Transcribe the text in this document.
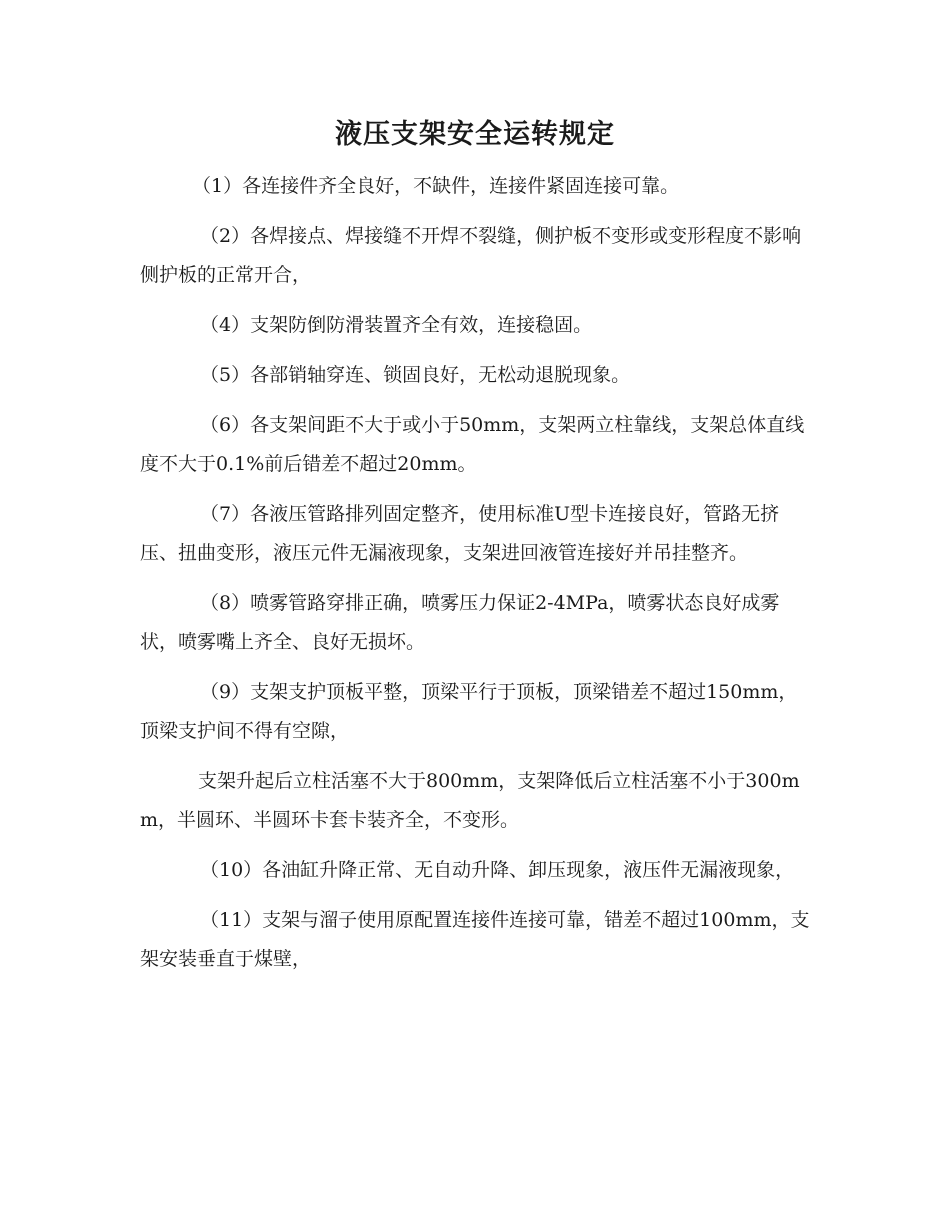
液压支架安全运转规定

（1）各连接件齐全良好，不缺件，连接件紧固连接可靠。

（2）各焊接点、焊接缝不开焊不裂缝，侧护板不变形或变形程度不影响侧护板的正常开合，

（4）支架防倒防滑装置齐全有效，连接稳固。

（5）各部销轴穿连、锁固良好，无松动退脱现象。

（6）各支架间距不大于或小于50mm，支架两立柱靠线，支架总体直线度不大于0.1%前后错差不超过20mm。

（7）各液压管路排列固定整齐，使用标准U型卡连接良好，管路无挤压、扭曲变形，液压元件无漏液现象，支架进回液管连接好并吊挂整齐。

（8）喷雾管路穿排正确，喷雾压力保证2-4MPa，喷雾状态良好成雾状，喷雾嘴上齐全、良好无损坏。

（9）支架支护顶板平整，顶梁平行于顶板，顶梁错差不超过150mm，顶梁支护间不得有空隙，

支架升起后立柱活塞不大于800mm，支架降低后立柱活塞不小于300mm，半圆环、半圆环卡套卡装齐全，不变形。

（10）各油缸升降正常、无自动升降、卸压现象，液压件无漏液现象，

（11）支架与溜子使用原配置连接件连接可靠，错差不超过100mm，支架安装垂直于煤壁，
